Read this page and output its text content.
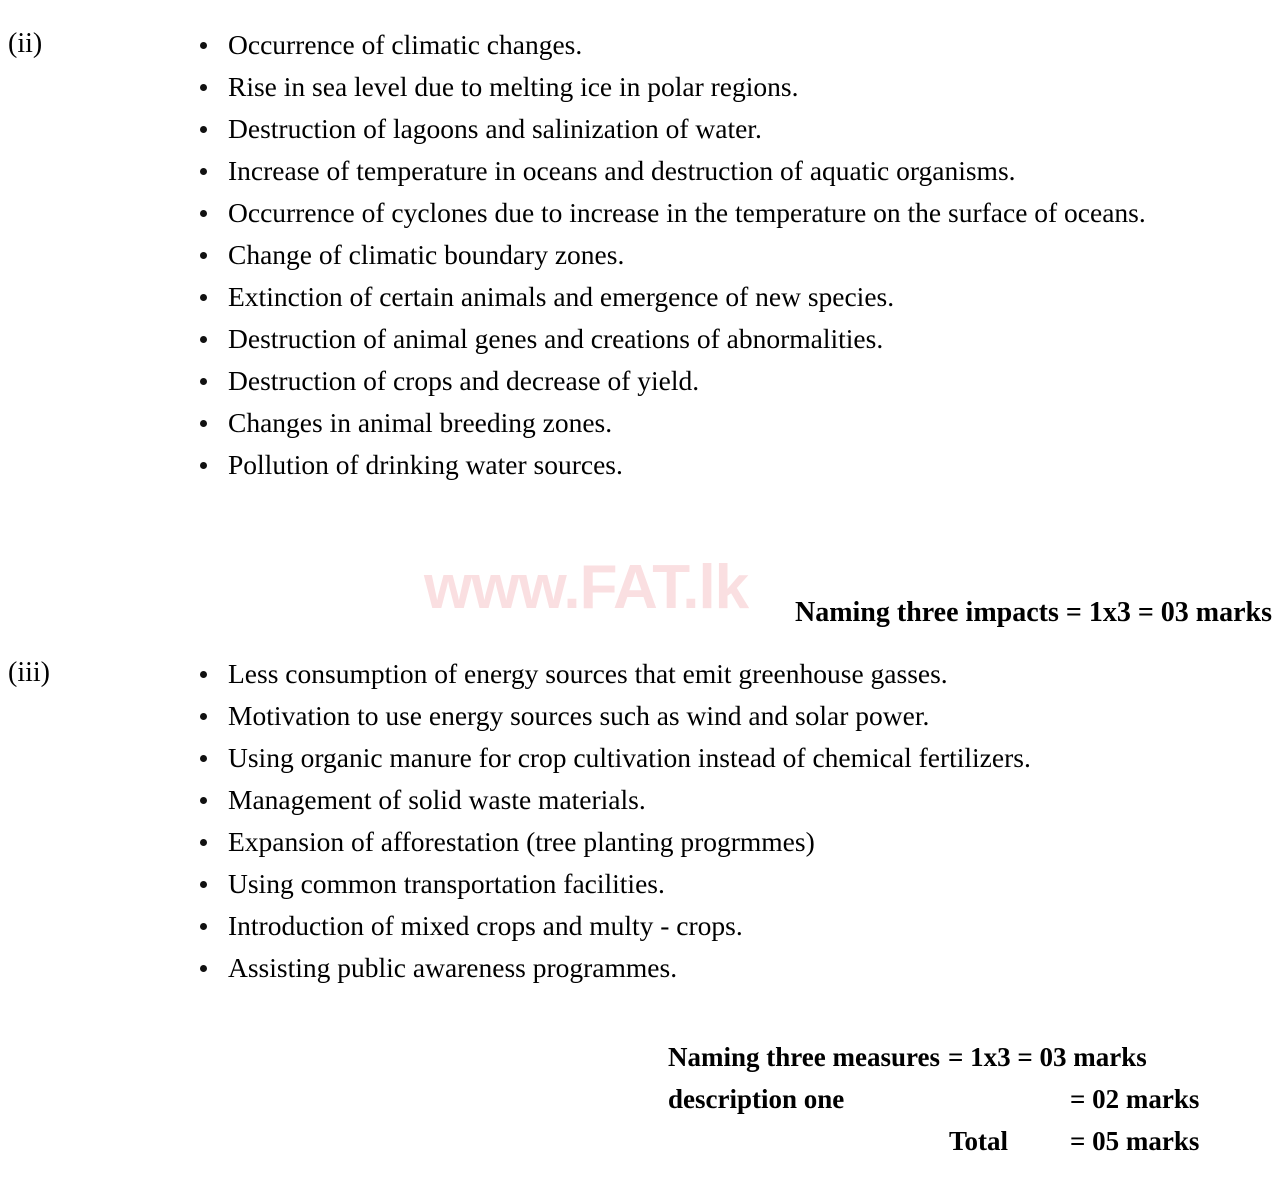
www.FAT.lk
(ii)	Occurrence of climatic changes.
Rise in sea level due to melting ice in polar regions.
Destruction of lagoons and salinization of water.
Increase of temperature in oceans and destruction of aquatic organisms.
Occurrence of cyclones due to increase in the temperature on the surface of oceans.
Change of climatic boundary zones.
Extinction of certain animals and emergence of new species.
Destruction of animal genes and creations of abnormalities.
Destruction of crops and decrease of yield.
Changes in animal breeding zones.
Pollution of drinking water sources.
Naming three impacts = 1x3 = 03 marks
(iii)	Less consumption of energy sources that emit greenhouse gasses.
Motivation to use energy sources such as wind and solar power.
Using organic manure for crop cultivation instead of chemical fertilizers.
Management of solid waste materials.
Expansion of afforestation (tree planting progrmmes)
Using common transportation facilities.
Introduction of mixed crops and multy - crops.
Assisting public awareness programmes.
Naming three measures = 1x3 = 03 marks
description one	= 02 marks
Total = 05 marks
